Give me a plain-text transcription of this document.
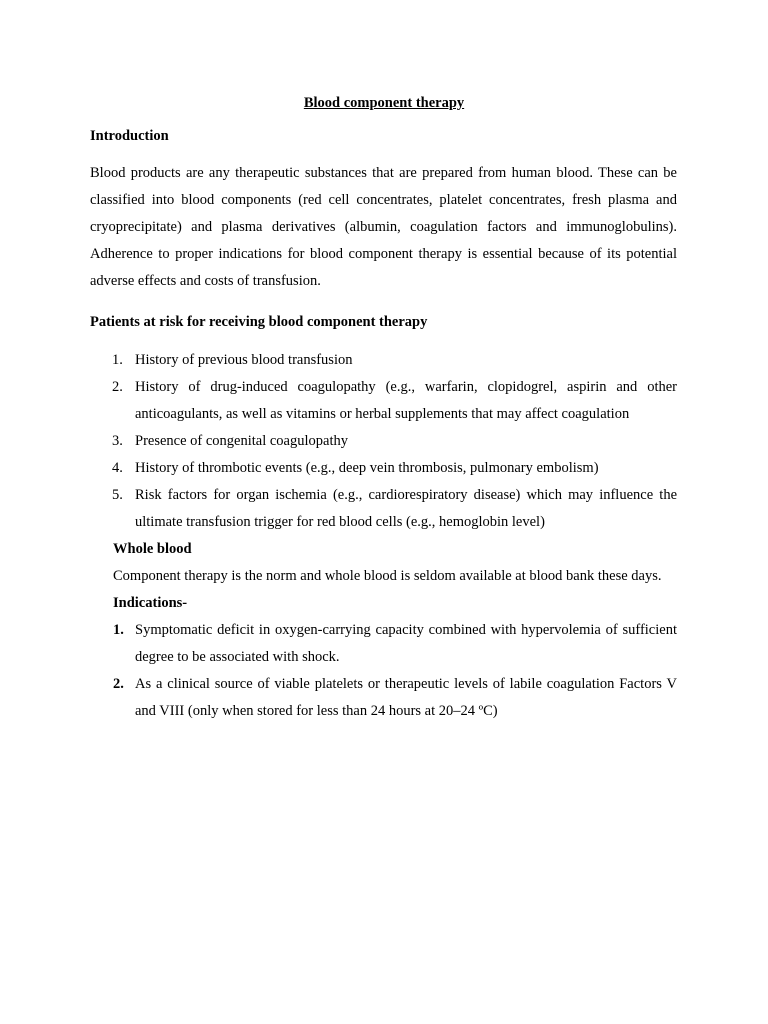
Blood component therapy
Introduction

Blood products are any therapeutic substances that are prepared from human blood. These can be classified into blood components (red cell concentrates, platelet concentrates, fresh plasma and cryoprecipitate) and plasma derivatives (albumin, coagulation factors and immunoglobulins). Adherence to proper indications for blood component therapy is essential because of its potential adverse effects and costs of transfusion.

Patients at risk for receiving blood component therapy
1. History of previous blood transfusion
2. History of drug-induced coagulopathy (e.g., warfarin, clopidogrel, aspirin and other anticoagulants, as well as vitamins or herbal supplements that may affect coagulation
3. Presence of congenital coagulopathy
4. History of thrombotic events (e.g., deep vein thrombosis, pulmonary embolism)
5. Risk factors for organ ischemia (e.g., cardiorespiratory disease) which may influence the ultimate transfusion trigger for red blood cells (e.g., hemoglobin level)
Whole blood

Component therapy is the norm and whole blood is seldom available at blood bank these days.

Indications-
1. Symptomatic deficit in oxygen-carrying capacity combined with hypervolemia of sufficient degree to be associated with shock.
2. As a clinical source of viable platelets or therapeutic levels of labile coagulation Factors V and VIII (only when stored for less than 24 hours at 20–24 ºC)
